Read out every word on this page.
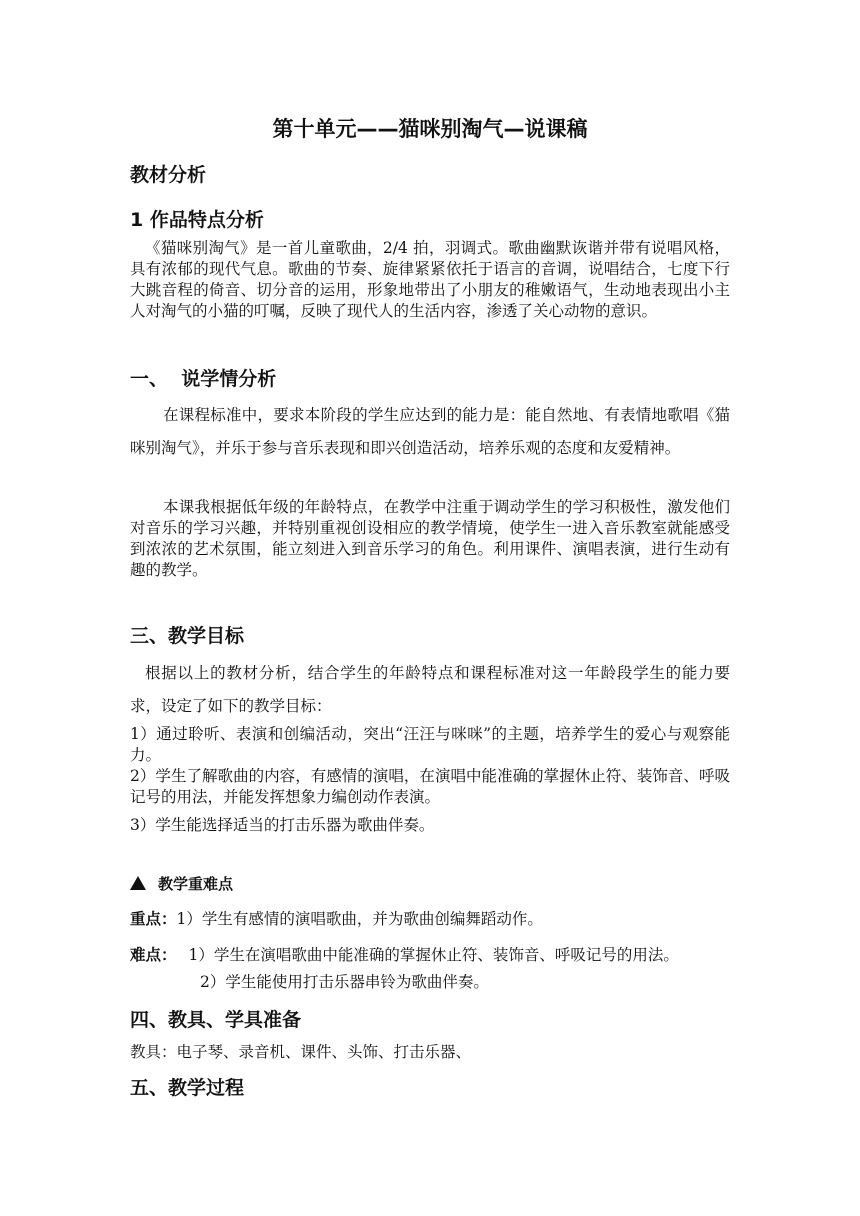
第十单元——猫咪别淘气—说课稿
教材分析
1 作品特点分析

《猫咪别淘气》是一首儿童歌曲，2/4 拍，羽调式。歌曲幽默诙谐并带有说唱风格，具有浓郁的现代气息。歌曲的节奏、旋律紧紧依托于语言的音调，说唱结合，七度下行大跳音程的倚音、切分音的运用，形象地带出了小朋友的稚嫩语气，生动地表现出小主人对淘气的小猫的叮嘱，反映了现代人的生活内容，渗透了关心动物的意识。

一、  说学情分析

在课程标准中，要求本阶段的学生应达到的能力是：能自然地、有表情地歌唱《猫咪别淘气》，并乐于参与音乐表现和即兴创造活动，培养乐观的态度和友爱精神。

本课我根据低年级的年龄特点，在教学中注重于调动学生的学习积极性，激发他们对音乐的学习兴趣，并特别重视创设相应的教学情境，使学生一进入音乐教室就能感受到浓浓的艺术氛围，能立刻进入到音乐学习的角色。利用课件、演唱表演，进行生动有趣的教学。

三、教学目标

根据以上的教材分析，结合学生的年龄特点和课程标准对这一年龄段学生的能力要求，设定了如下的教学目标：

1）通过聆听、表演和创编活动，突出“汪汪与咪咪”的主题，培养学生的爱心与观察能力。

2）学生了解歌曲的内容，有感情的演唱，在演唱中能准确的掌握休止符、装饰音、呼吸记号的用法，并能发挥想象力编创动作表演。

3）学生能选择适当的打击乐器为歌曲伴奏。

教学重难点
重点：1）学生有感情的演唱歌曲，并为歌曲创编舞蹈动作。
难点： 1）学生在演唱歌曲中能准确的掌握休止符、装饰音、呼吸记号的用法。
2）学生能使用打击乐器串铃为歌曲伴奏。
四、教具、学具准备
教具：电子琴、录音机、课件、头饰、打击乐器、
五、教学过程
